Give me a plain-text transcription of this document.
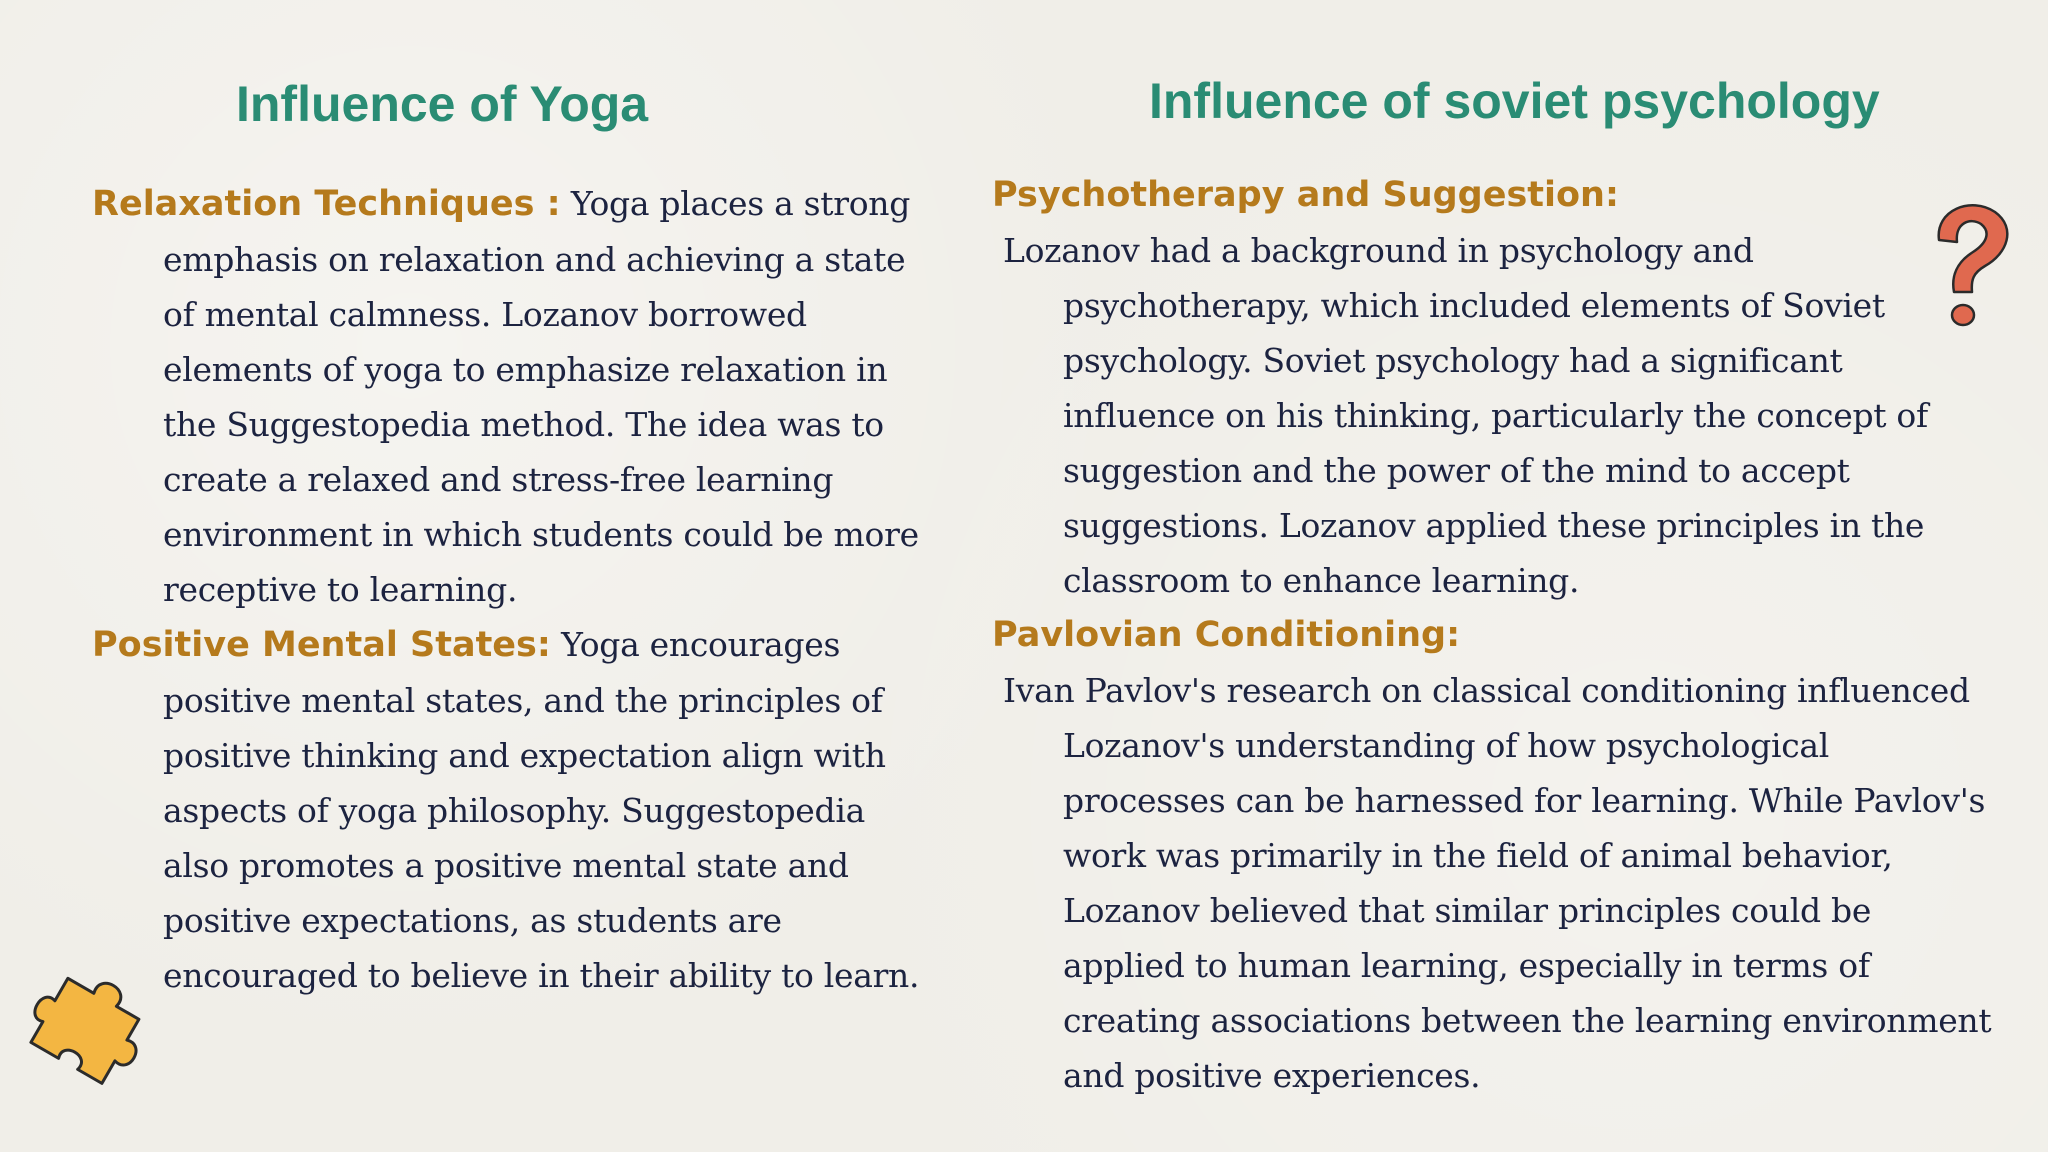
Influence of Yoga	Influence of soviet psychology

Relaxation Techniques : Yoga places a strong emphasis on relaxation and achieving a state of mental calmness. Lozanov borrowed elements of yoga to emphasize relaxation in the Suggestopedia method. The idea was to create a relaxed and stress-free learning environment in which students could be more receptive to learning.

Positive Mental States: Yoga encourages positive mental states, and the principles of positive thinking and expectation align with aspects of yoga philosophy. Suggestopedia also promotes a positive mental state and positive expectations, as students are encouraged to believe in their ability to learn.

Psychotherapy and Suggestion:

Lozanov had a background in psychology and psychotherapy, which included elements of Soviet psychology. Soviet psychology had a significant influence on his thinking, particularly the concept of suggestion and the power of the mind to accept suggestions. Lozanov applied these principles in the classroom to enhance learning.

Pavlovian Conditioning:

Ivan Pavlov's research on classical conditioning influenced Lozanov's understanding of how psychological processes can be harnessed for learning. While Pavlov's work was primarily in the field of animal behavior, Lozanov believed that similar principles could be applied to human learning, especially in terms of creating associations between the learning environment and positive experiences.
